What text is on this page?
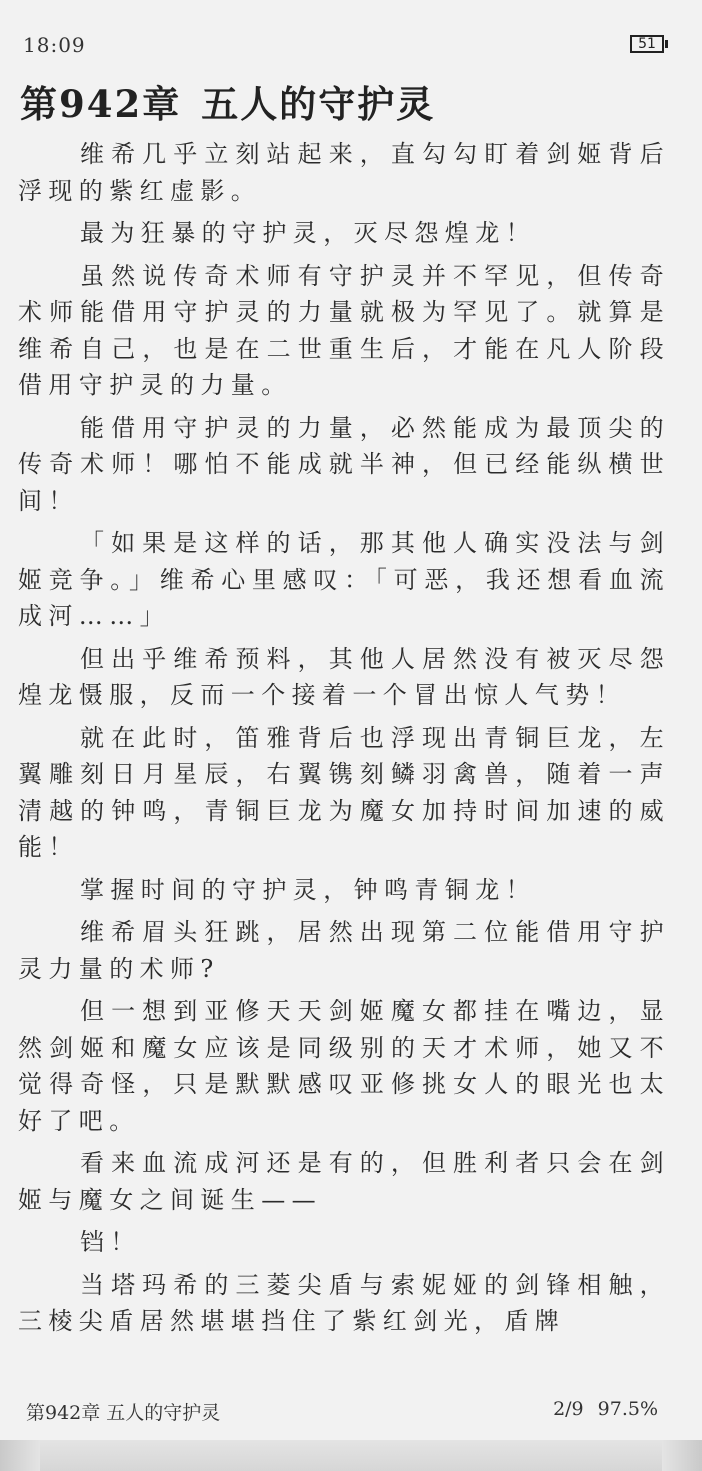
18:09	51
第942章 五人的守护灵

维希几乎立刻站起来，直勾勾盯着剑姬背后浮现的紫红虚影。

最为狂暴的守护灵，灭尽怨煌龙！

虽然说传奇术师有守护灵并不罕见，但传奇术师能借用守护灵的力量就极为罕见了。就算是维希自己，也是在二世重生后，才能在凡人阶段借用守护灵的力量。

能借用守护灵的力量，必然能成为最顶尖的传奇术师！哪怕不能成就半神，但已经能纵横世间！

「如果是这样的话，那其他人确实没法与剑姬竞争。」维希心里感叹：「可恶，我还想看血流成河……」

但出乎维希预料，其他人居然没有被灭尽怨煌龙慑服，反而一个接着一个冒出惊人气势！

就在此时，笛雅背后也浮现出青铜巨龙，左翼雕刻日月星辰，右翼镌刻鳞羽禽兽，随着一声清越的钟鸣，青铜巨龙为魔女加持时间加速的威能！

掌握时间的守护灵，钟鸣青铜龙！

维希眉头狂跳，居然出现第二位能借用守护灵力量的术师?

但一想到亚修天天剑姬魔女都挂在嘴边，显然剑姬和魔女应该是同级别的天才术师，她又不觉得奇怪，只是默默感叹亚修挑女人的眼光也太好了吧。

看来血流成河还是有的，但胜利者只会在剑姬与魔女之间诞生——

铛！

当塔玛希的三菱尖盾与索妮娅的剑锋相触，三棱尖盾居然堪堪挡住了紫红剑光，盾牌

第942章 五人的守护灵	2/9 97.5%
